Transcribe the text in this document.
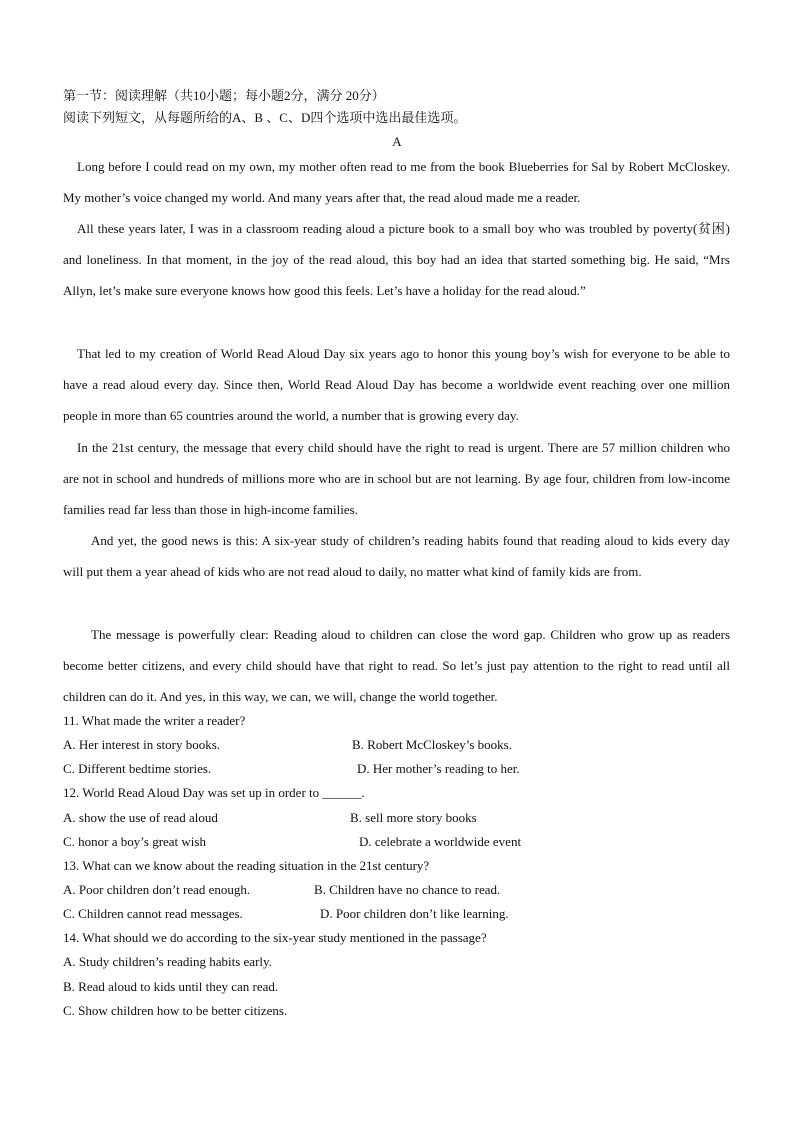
第一节：阅读理解（共10小题；每小题2分，满分 20分）
阅读下列短文，从每题所给的A、B 、C、D四个选项中选出最佳选项。
A
Long before I could read on my own, my mother often read to me from the book Blueberries for Sal by Robert McCloskey. My mother’s voice changed my world. And many years after that, the read aloud made me a reader.
All these years later, I was in a classroom reading aloud a picture book to a small boy who was troubled by poverty(贫困) and loneliness. In that moment, in the joy of the read aloud, this boy had an idea that started something big. He said, “Mrs Allyn, let’s make sure everyone knows how good this feels. Let’s have a holiday for the read aloud.”
That led to my creation of World Read Aloud Day six years ago to honor this young boy’s wish for everyone to be able to have a read aloud every day. Since then, World Read Aloud Day has become a worldwide event reaching over one million people in more than 65 countries around the world, a number that is growing every day.
In the 21st century, the message that every child should have the right to read is urgent. There are 57 million children who are not in school and hundreds of millions more who are in school but are not learning. By age four, children from low-income families read far less than those in high-income families.
And yet, the good news is this: A six-year study of children’s reading habits found that reading aloud to kids every day will put them a year ahead of kids who are not read aloud to daily, no matter what kind of family kids are from.
The message is powerfully clear: Reading aloud to children can close the word gap. Children who grow up as readers become better citizens, and every child should have that right to read. So let’s just pay attention to the right to read until all children can do it. And yes, in this way, we can, we will, change the world together.
11. What made the writer a reader?
A. Her interest in story books.	B. Robert McCloskey’s books.
C. Different bedtime stories.	D. Her mother’s reading to her.
12. World Read Aloud Day was set up in order to ______.
A. show the use of read aloud	B. sell more story books
C. honor a boy’s great wish	D. celebrate a worldwide event
13. What can we know about the reading situation in the 21st century?
A. Poor children don’t read enough.	B. Children have no chance to read.
C. Children cannot read messages.	D. Poor children don’t like learning.
14. What should we do according to the six-year study mentioned in the passage?
A. Study children’s reading habits early.
B. Read aloud to kids until they can read.
C. Show children how to be better citizens.
